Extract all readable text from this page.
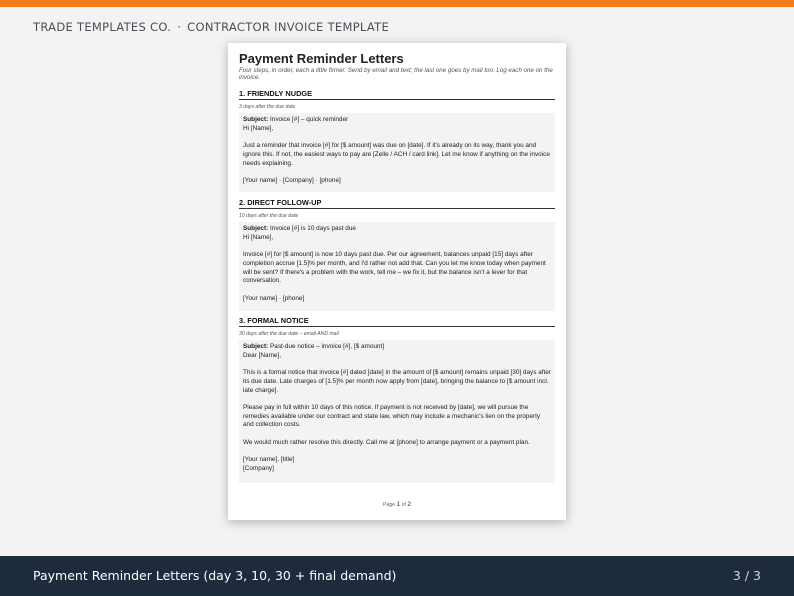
TRADE TEMPLATES CO. · CONTRACTOR INVOICE TEMPLATE
Payment Reminder Letters
Four steps, in order, each a little firmer. Send by email and text; the last one goes by mail too. Log each one on the invoice.
1. FRIENDLY NUDGE
3 days after the due date
Subject: Invoice [#] – quick reminder
Hi [Name],
Just a reminder that invoice [#] for [$ amount] was due on [date]. If it's already on its way, thank you and ignore this. If not, the easiest ways to pay are [Zelle / ACH / card link]. Let me know if anything on the invoice needs explaining.
[Your name] · [Company] · [phone]
2. DIRECT FOLLOW-UP
10 days after the due date
Subject: Invoice [#] is 10 days past due
Hi [Name],
Invoice [#] for [$ amount] is now 10 days past due. Per our agreement, balances unpaid [15] days after completion accrue [1.5]% per month, and I'd rather not add that. Can you let me know today when payment will be sent? If there's a problem with the work, tell me – we fix it, but the balance isn't a lever for that conversation.
[Your name] · [phone]
3. FORMAL NOTICE
30 days after the due date – email AND mail
Subject: Past-due notice – invoice [#], [$ amount]
Dear [Name],
This is a formal notice that invoice [#] dated [date] in the amount of [$ amount] remains unpaid [30] days after its due date. Late charges of [1.5]% per month now apply from [date], bringing the balance to [$ amount incl. late charge].
Please pay in full within 10 days of this notice. If payment is not received by [date], we will pursue the remedies available under our contract and state law, which may include a mechanic's lien on the property and collection costs.
We would much rather resolve this directly. Call me at [phone] to arrange payment or a payment plan.
[Your name], [title]
[Company]
Page 1 of 2
Payment Reminder Letters (day 3, 10, 30 + final demand)	3 / 3
